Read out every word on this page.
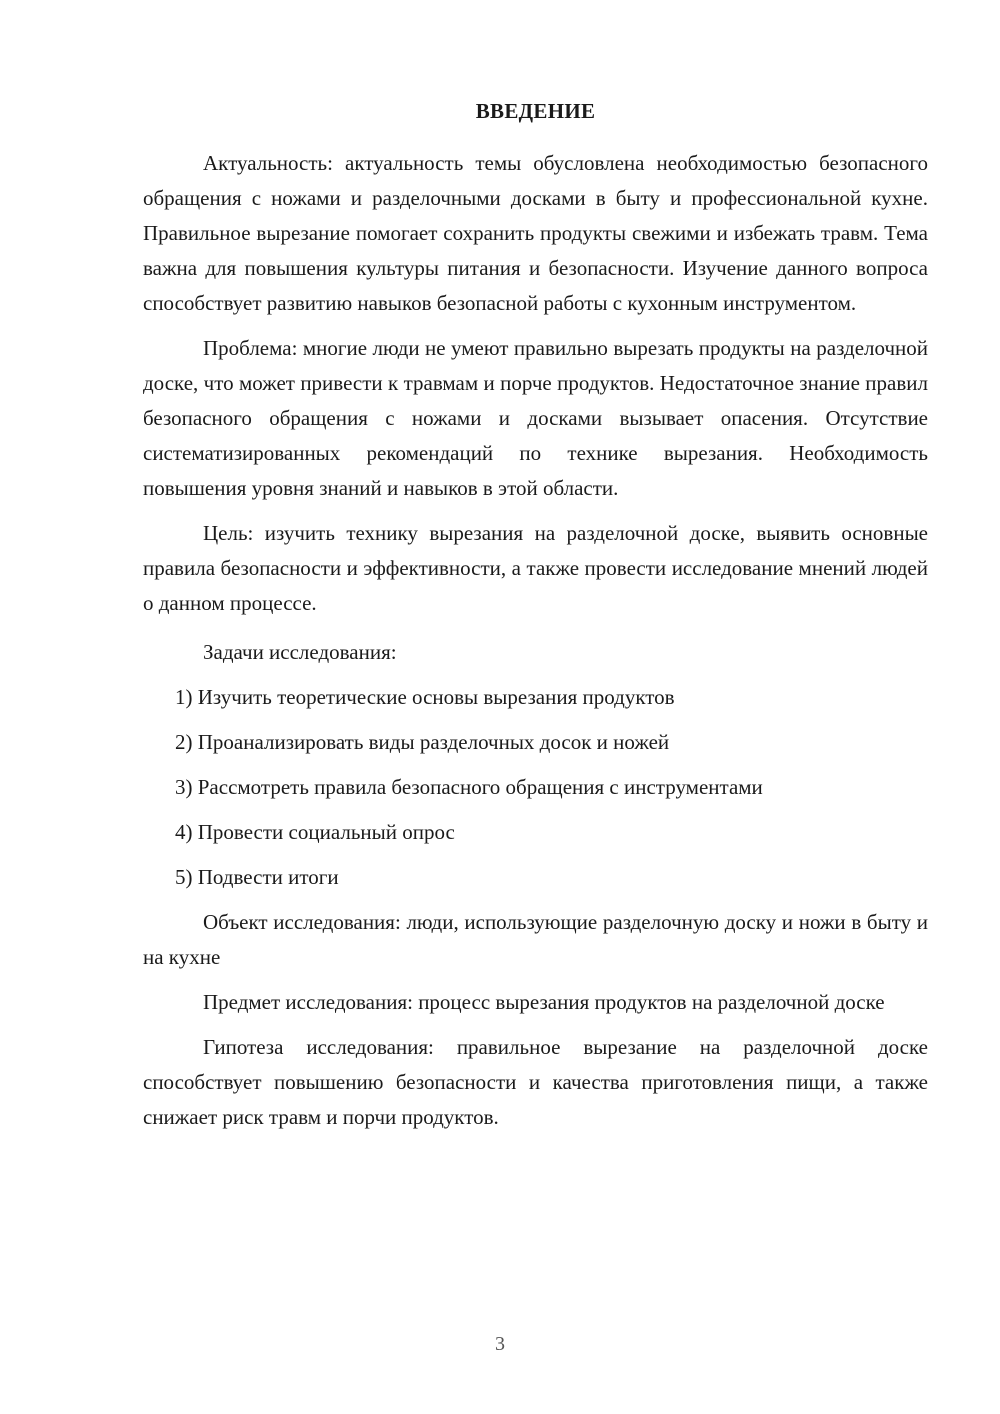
ВВЕДЕНИЕ

Актуальность: актуальность темы обусловлена необходимостью безопасного обращения с ножами и разделочными досками в быту и профессиональной кухне. Правильное вырезание помогает сохранить продукты свежими и избежать травм. Тема важна для повышения культуры питания и безопасности. Изучение данного вопроса способствует развитию навыков безопасной работы с кухонным инструментом.

Проблема: многие люди не умеют правильно вырезать продукты на разделочной доске, что может привести к травмам и порче продуктов. Недостаточное знание правил безопасного обращения с ножами и досками вызывает опасения. Отсутствие систематизированных рекомендаций по технике вырезания. Необходимость повышения уровня знаний и навыков в этой области.

Цель: изучить технику вырезания на разделочной доске, выявить основные правила безопасности и эффективности, а также провести исследование мнений людей о данном процессе.

Задачи исследования:
1) Изучить теоретические основы вырезания продуктов
2) Проанализировать виды разделочных досок и ножей
3) Рассмотреть правила безопасного обращения с инструментами
4) Провести социальный опрос
5) Подвести итоги

Объект исследования: люди, использующие разделочную доску и ножи в быту и на кухне

Предмет исследования: процесс вырезания продуктов на разделочной доске

Гипотеза исследования: правильное вырезание на разделочной доске способствует повышению безопасности и качества приготовления пищи, а также снижает риск травм и порчи продуктов.

3
